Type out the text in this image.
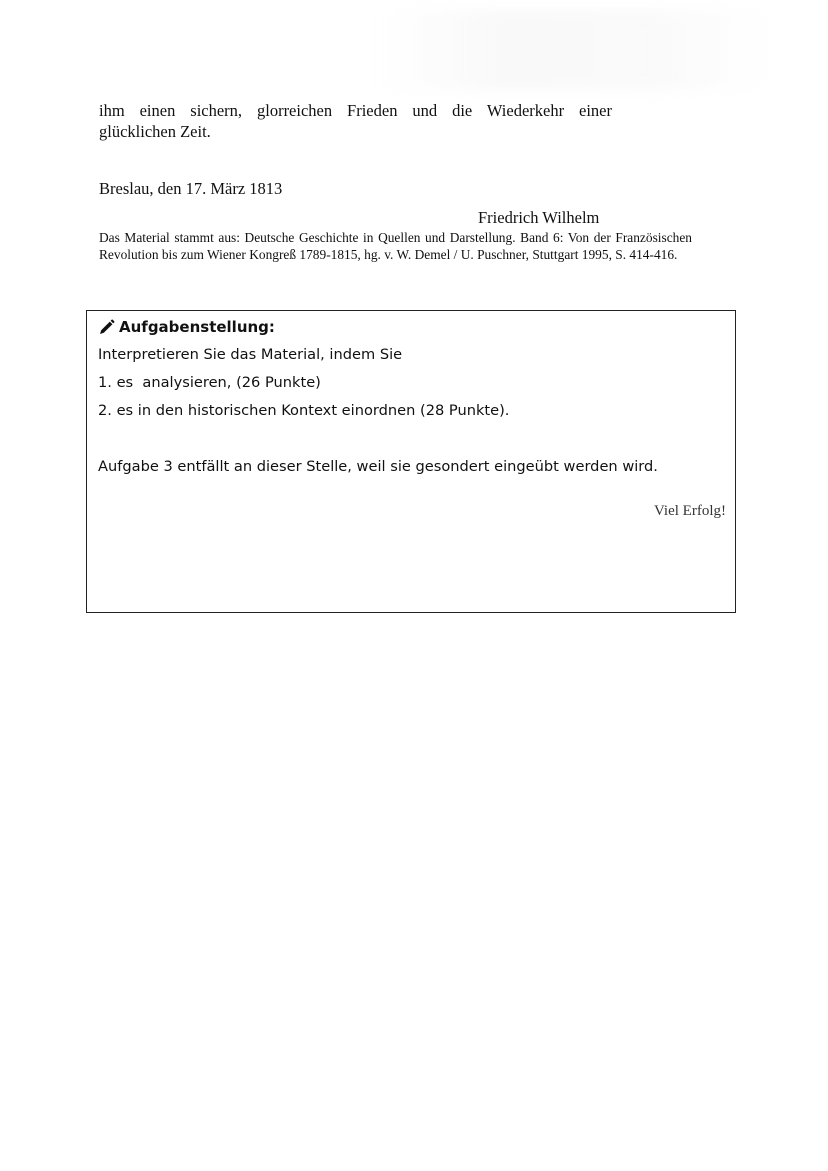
ihm einen sichern, glorreichen Frieden und die Wiederkehr einer
glücklichen Zeit.
Breslau, den 17. März 1813
Friedrich Wilhelm
Das Material stammt aus: Deutsche Geschichte in Quellen und Darstellung. Band 6: Von der Französischen Revolution bis zum Wiener Kongreß 1789-1815, hg. v. W. Demel / U. Puschner, Stuttgart 1995, S. 414-416.
Aufgabenstellung:
Interpretieren Sie das Material, indem Sie
1. es  analysieren, (26 Punkte)
2. es in den historischen Kontext einordnen (28 Punkte).
Aufgabe 3 entfällt an dieser Stelle, weil sie gesondert eingeübt werden wird.
Viel Erfolg!
